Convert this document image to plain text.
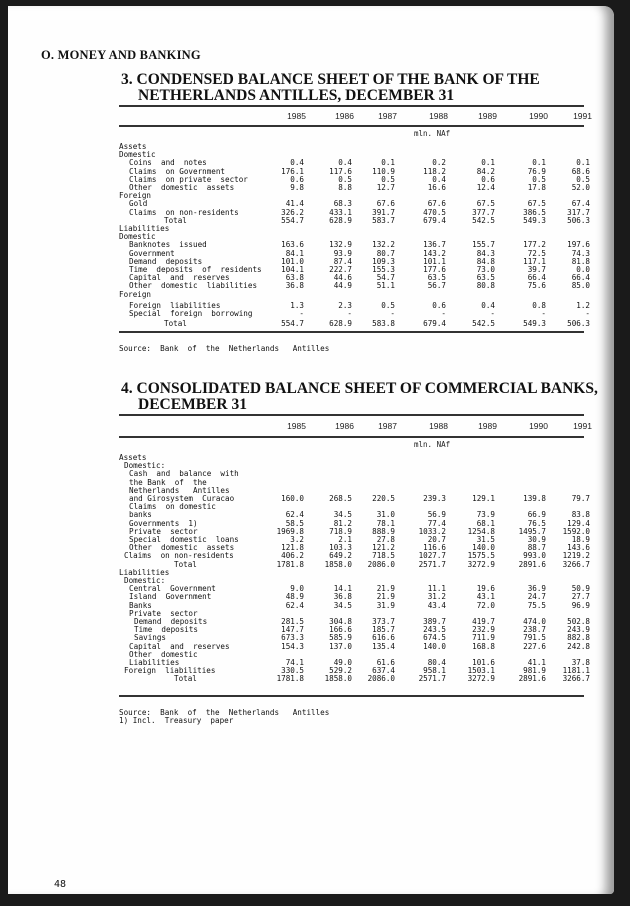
O. MONEY AND BANKING
3. CONDENSED BALANCE SHEET OF THE BANK OF THE
NETHERLANDS ANTILLES, DECEMBER 31
1985	1986	1987	1988	1989	1990	1991
mln. NAf
Assets
Domestic
Coins  and  notes	0.4	0.4	0.1	0.2	0.1	0.1	0.1
Claims  on Government	176.1	117.6	110.9	118.2	84.2	76.9	68.6
Claims  on private  sector	0.6	0.5	0.5	0.4	0.6	0.5	0.5
Other  domestic  assets	9.8	8.8	12.7	16.6	12.4	17.8	52.0
Foreign
Gold	41.4	68.3	67.6	67.6	67.5	67.5	67.4
Claims  on non-residents	326.2	433.1	391.7	470.5	377.7	386.5	317.7
Total	554.7	628.9	583.7	679.4	542.5	549.3	506.3
Liabilities
Domestic
Banknotes  issued	163.6	132.9	132.2	136.7	155.7	177.2	197.6
Government	84.1	93.9	80.7	143.2	84.3	72.5	74.3
Demand  deposits	101.0	87.4	109.3	101.1	84.8	117.1	81.8
Time  deposits  of  residents	104.1	222.7	155.3	177.6	73.0	39.7	0.0
Capital  and  reserves	63.8	44.6	54.7	63.5	63.5	66.4	66.4
Other  domestic  liabilities	36.8	44.9	51.1	56.7	80.8	75.6	85.0
Foreign
Foreign  liabilities	1.3	2.3	0.5	0.6	0.4	0.8	1.2
Special  foreign  borrowing	-	-	-	-	-	-	-
Total	554.7	628.9	583.8	679.4	542.5	549.3	506.3
Source:  Bank  of  the  Netherlands   Antilles
4. CONSOLIDATED BALANCE SHEET OF COMMERCIAL BANKS,
DECEMBER 31
1985	1986	1987	1988	1989	1990	1991
mln. NAf
Assets
Domestic:
Cash  and  balance  with
the Bank  of  the
Netherlands   Antilles
and Girosystem  Curacao	160.0	268.5	220.5	239.3	129.1	139.8	79.7
Claims  on domestic
banks	62.4	34.5	31.0	56.9	73.9	66.9	83.8
Governments  1)	58.5	81.2	78.1	77.4	68.1	76.5	129.4
Private  sector	1969.8	718.9	888.9	1033.2	1254.8	1495.7	1592.0
Special  domestic  loans	3.2	2.1	27.8	20.7	31.5	30.9	18.9
Other  domestic  assets	121.8	103.3	121.2	116.6	140.0	88.7	143.6
Claims  on non-residents	406.2	649.2	718.5	1027.7	1575.5	993.0	1219.2
Total	1781.8	1858.0	2086.0	2571.7	3272.9	2891.6	3266.7
Liabilities
Domestic:
Central  Government	9.0	14.1	21.9	11.1	19.6	36.9	50.9
Island  Government	48.9	36.8	21.9	31.2	43.1	24.7	27.7
Banks	62.4	34.5	31.9	43.4	72.0	75.5	96.9
Private  sector
Demand  deposits	281.5	304.8	373.7	389.7	419.7	474.0	502.8
Time  deposits	147.7	166.6	185.7	243.5	232.9	238.7	243.9
Savings	673.3	585.9	616.6	674.5	711.9	791.5	882.8
Capital  and  reserves	154.3	137.0	135.4	140.0	168.8	227.6	242.8
Other  domestic
Liabilities	74.1	49.0	61.6	80.4	101.6	41.1	37.8
Foreign  liabilities	330.5	529.2	637.4	958.1	1503.1	981.9	1181.1
Total	1781.8	1858.0	2086.0	2571.7	3272.9	2891.6	3266.7
Source:  Bank  of  the  Netherlands   Antilles
1) Incl.  Treasury  paper
48
